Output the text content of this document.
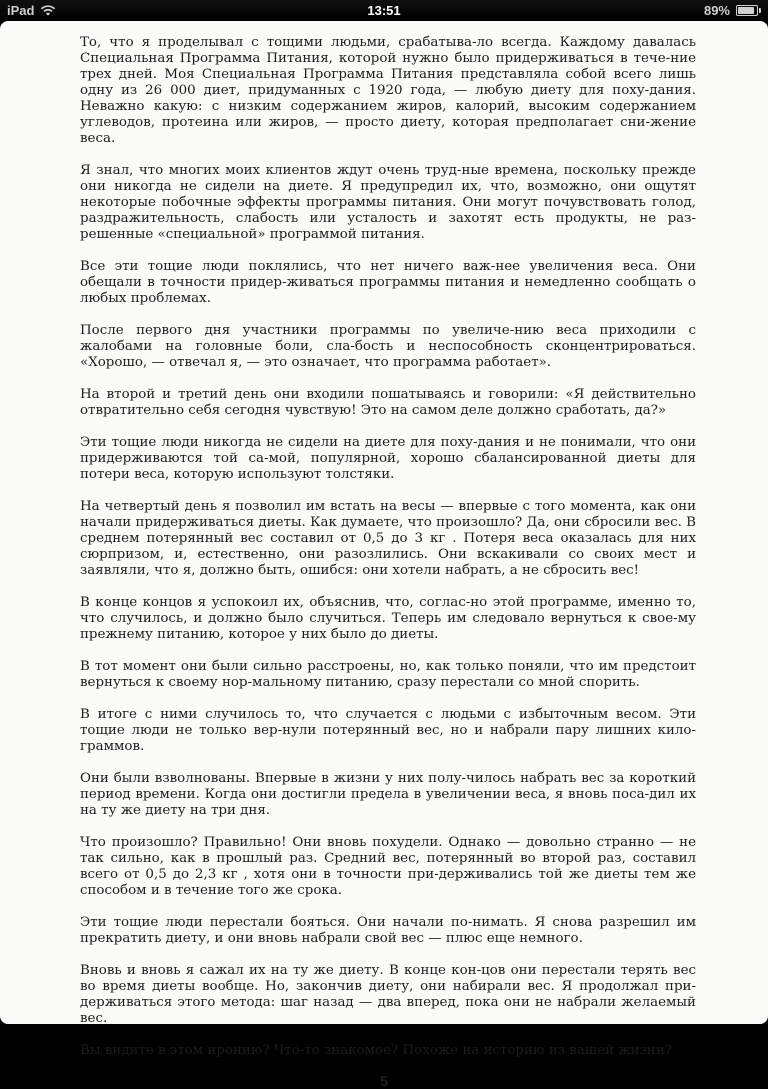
iPad	13:51	89%

То, что я проделывал с тощими людьми, срабатыва-ло всегда. Каждому давалась Специальная Программа Питания, которой нужно было придерживаться в тече-ние трех дней. Моя Специальная Программа Питания представляла собой всего лишь одну из 26 000 диет, придуманных с 1920 года, — любую диету для поху-дания. Неважно какую: с низким содержанием жиров, калорий, высоким содержанием углеводов, протеина или жиров, — просто диету, которая предполагает сни-жение веса.

Я знал, что многих моих клиентов ждут очень труд-ные времена, поскольку прежде они никогда не сидели на диете. Я предупредил их, что, возможно, они ощутят некоторые побочные эффекты программы питания. Они могут почувствовать голод, раздражительность, слабость или усталость и захотят есть продукты, не раз-решенные «специальной» программой питания.

Все эти тощие люди поклялись, что нет ничего важ-нее увеличения веса. Они обещали в точности придер-живаться программы питания и немедленно сообщать о любых проблемах.

После первого дня участники программы по увеличе-нию веса приходили с жалобами на головные боли, сла-бость и неспособность сконцентрироваться. «Хорошо, — отвечал я, — это означает, что программа работает».

На второй и третий день они входили пошатываясь и говорили: «Я действительно отвратительно себя сегодня чувствую! Это на самом деле должно сработать, да?»

Эти тощие люди никогда не сидели на диете для поху-дания и не понимали, что они придерживаются той са-мой, популярной, хорошо сбалансированной диеты для потери веса, которую используют толстяки.

На четвертый день я позволил им встать на весы — впервые с того момента, как они начали придерживаться диеты. Как думаете, что произошло? Да, они сбросили вес. В среднем потерянный вес составил от 0,5 до 3 кг . Потеря веса оказалась для них сюрпризом, и, естественно, они разозлились. Они вскакивали со своих мест и заявляли, что я, должно быть, ошибся: они хотели набрать, а не сбросить вес!

В конце концов я успокоил их, объяснив, что, соглас-но этой программе, именно то, что случилось, и должно было случиться. Теперь им следовало вернуться к свое-му прежнему питанию, которое у них было до диеты.

В тот момент они были сильно расстроены, но, как только поняли, что им предстоит вернуться к своему нор-мальному питанию, сразу перестали со мной спорить.

В итоге с ними случилось то, что случается с людьми с избыточным весом. Эти тощие люди не только вер-нули потерянный вес, но и набрали пару лишних кило-граммов.

Они были взволнованы. Впервые в жизни у них полу-чилось набрать вес за короткий период времени. Когда они достигли предела в увеличении веса, я вновь поса-дил их на ту же диету на три дня.

Что произошло? Правильно! Они вновь похудели. Однако — довольно странно — не так сильно, как в прошлый раз. Средний вес, потерянный во второй раз, составил всего от 0,5 до 2,3 кг , хотя они в точности при-держивались той же диеты тем же способом и в течение того же срока.

Эти тощие люди перестали бояться. Они начали по-нимать. Я снова разрешил им прекратить диету, и они вновь набрали свой вес — плюс еще немного.

Вновь и вновь я сажал их на ту же диету. В конце кон-цов они перестали терять вес во время диеты вообще. Но, закончив диету, они набирали вес. Я продолжал при-держиваться этого метода: шаг назад — два вперед, пока они не набрали желаемый вес.

Вы видите в этом иронию? Что-то знакомое? Похоже на историю из вашей жизни?

5
